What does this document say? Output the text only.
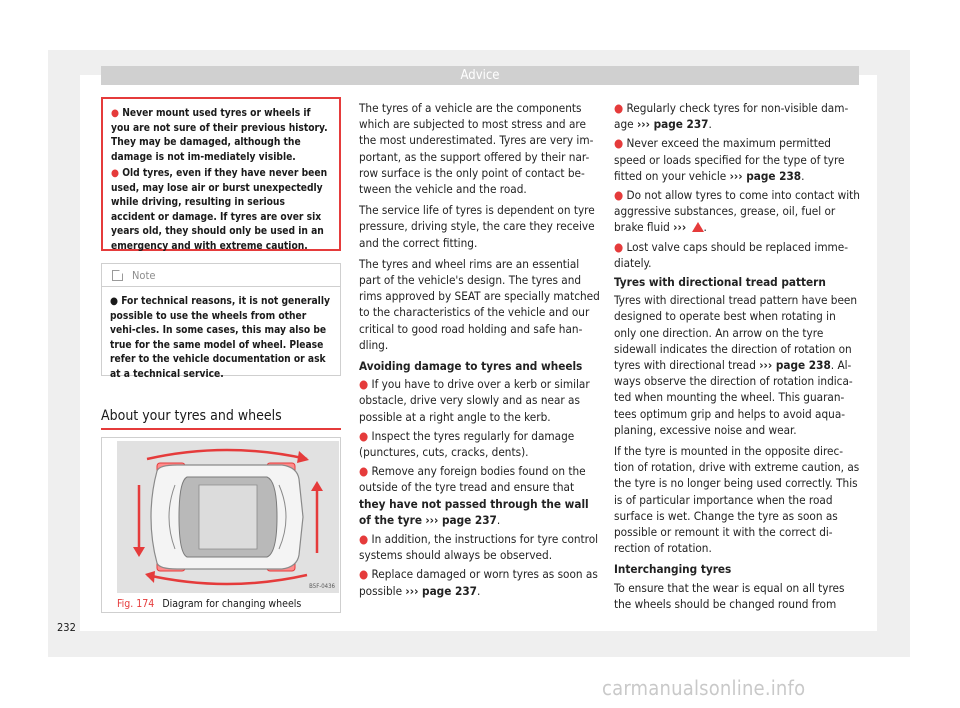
Advice

● Never mount used tyres or wheels if you are not sure of their previous history. They may be damaged, although the damage is not im-mediately visible.

● Old tyres, even if they have never been used, may lose air or burst unexpectedly while driving, resulting in serious accident or damage. If tyres are over six years old, they should only be used in an emergency and with extreme caution.

Note

● For technical reasons, it is not generally possible to use the wheels from other vehi-cles. In some cases, this may also be true for the same model of wheel. Please refer to the vehicle documentation or ask at a technical service.

About your tyres and wheels
B5F-0436
Fig. 174 Diagram for changing wheels

The tyres of a vehicle are the components which are subjected to most stress and are the most underestimated. Tyres are very im-portant, as the support offered by their nar-row surface is the only point of contact be-tween the vehicle and the road.

The service life of tyres is dependent on tyre pressure, driving style, the care they receive and the correct fitting.

The tyres and wheel rims are an essential part of the vehicle's design. The tyres and rims approved by SEAT are specially matched to the characteristics of the vehicle and our critical to good road holding and safe han-dling.

Avoiding damage to tyres and wheels

● If you have to drive over a kerb or similar obstacle, drive very slowly and as near as possible at a right angle to the kerb.

● Inspect the tyres regularly for damage (punctures, cuts, cracks, dents).

● Remove any foreign bodies found on the outside of the tyre tread and ensure that they have not passed through the wall of the tyre ››› page 237.

● In addition, the instructions for tyre control systems should always be observed.

● Replace damaged or worn tyres as soon as possible ››› page 237.

● Regularly check tyres for non-visible dam-age ››› page 237.

● Never exceed the maximum permitted speed or loads specified for the type of tyre fitted on your vehicle ››› page 238.

● Do not allow tyres to come into contact with aggressive substances, grease, oil, fuel or brake fluid ››› .

● Lost valve caps should be replaced imme-diately.

Tyres with directional tread pattern

Tyres with directional tread pattern have been designed to operate best when rotating in only one direction. An arrow on the tyre sidewall indicates the direction of rotation on tyres with directional tread ››› page 238. Al-ways observe the direction of rotation indica-ted when mounting the wheel. This guaran-tees optimum grip and helps to avoid aqua-planing, excessive noise and wear.

If the tyre is mounted in the opposite direc-tion of rotation, drive with extreme caution, as the tyre is no longer being used correctly. This is of particular importance when the road surface is wet. Change the tyre as soon as possible or remount it with the correct di-rection of rotation.

Interchanging tyres

To ensure that the wear is equal on all tyres the wheels should be changed round from

232
carmanualsonline.info
